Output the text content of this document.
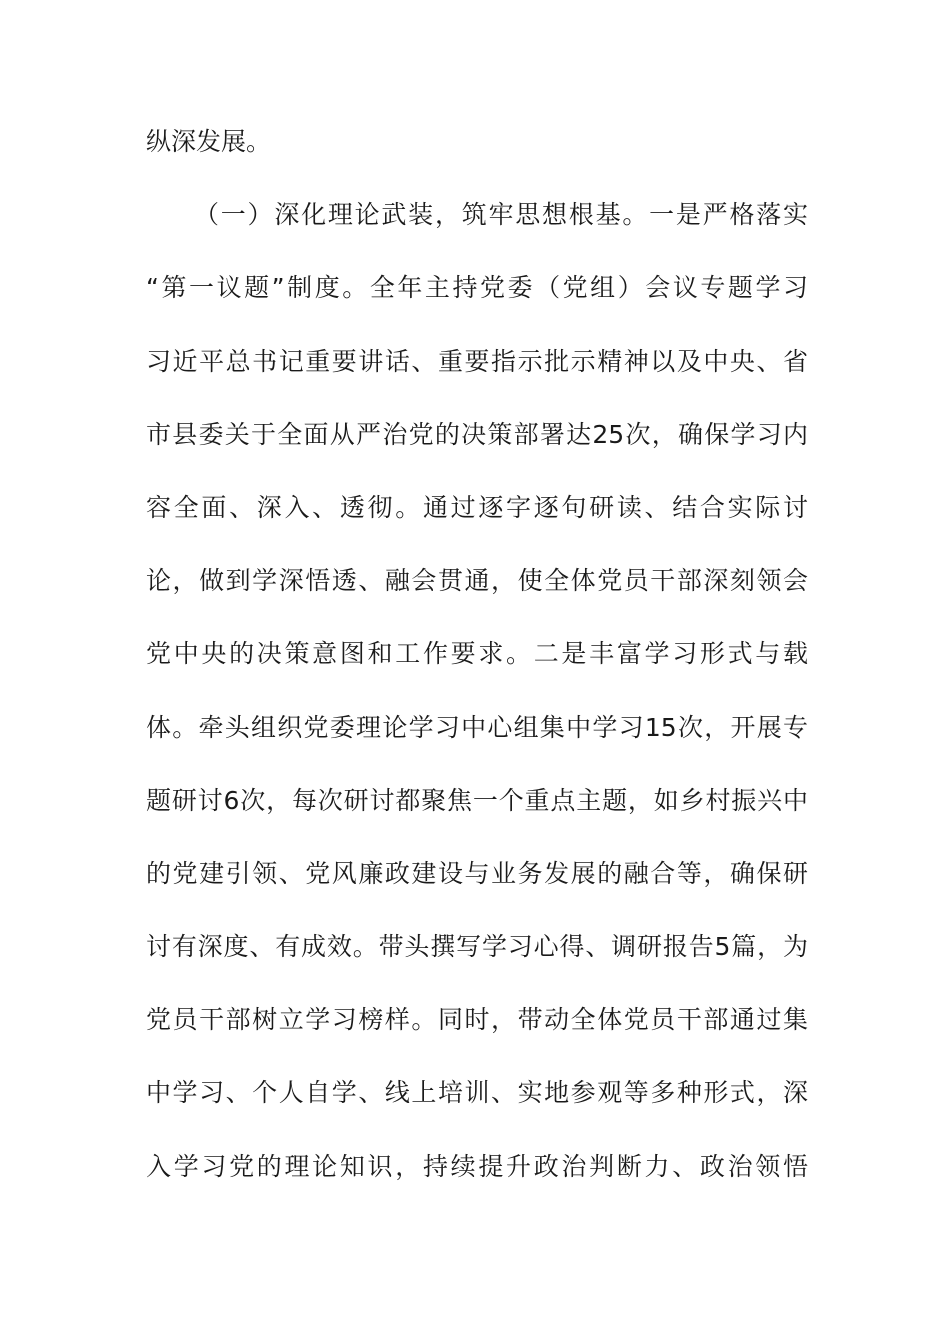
纵深发展。
（一）深化理论武装，筑牢思想根基。一是严格落实
“第一议题”制度。全年主持党委（党组）会议专题学习
习近平总书记重要讲话、重要指示批示精神以及中央、省
市县委关于全面从严治党的决策部署达25次，确保学习内
容全面、深入、透彻。通过逐字逐句研读、结合实际讨
论，做到学深悟透、融会贯通，使全体党员干部深刻领会
党中央的决策意图和工作要求。二是丰富学习形式与载
体。牵头组织党委理论学习中心组集中学习15次，开展专
题研讨6次，每次研讨都聚焦一个重点主题，如乡村振兴中
的党建引领、党风廉政建设与业务发展的融合等，确保研
讨有深度、有成效。带头撰写学习心得、调研报告5篇，为
党员干部树立学习榜样。同时，带动全体党员干部通过集
中学习、个人自学、线上培训、实地参观等多种形式，深
入学习党的理论知识，持续提升政治判断力、政治领悟
